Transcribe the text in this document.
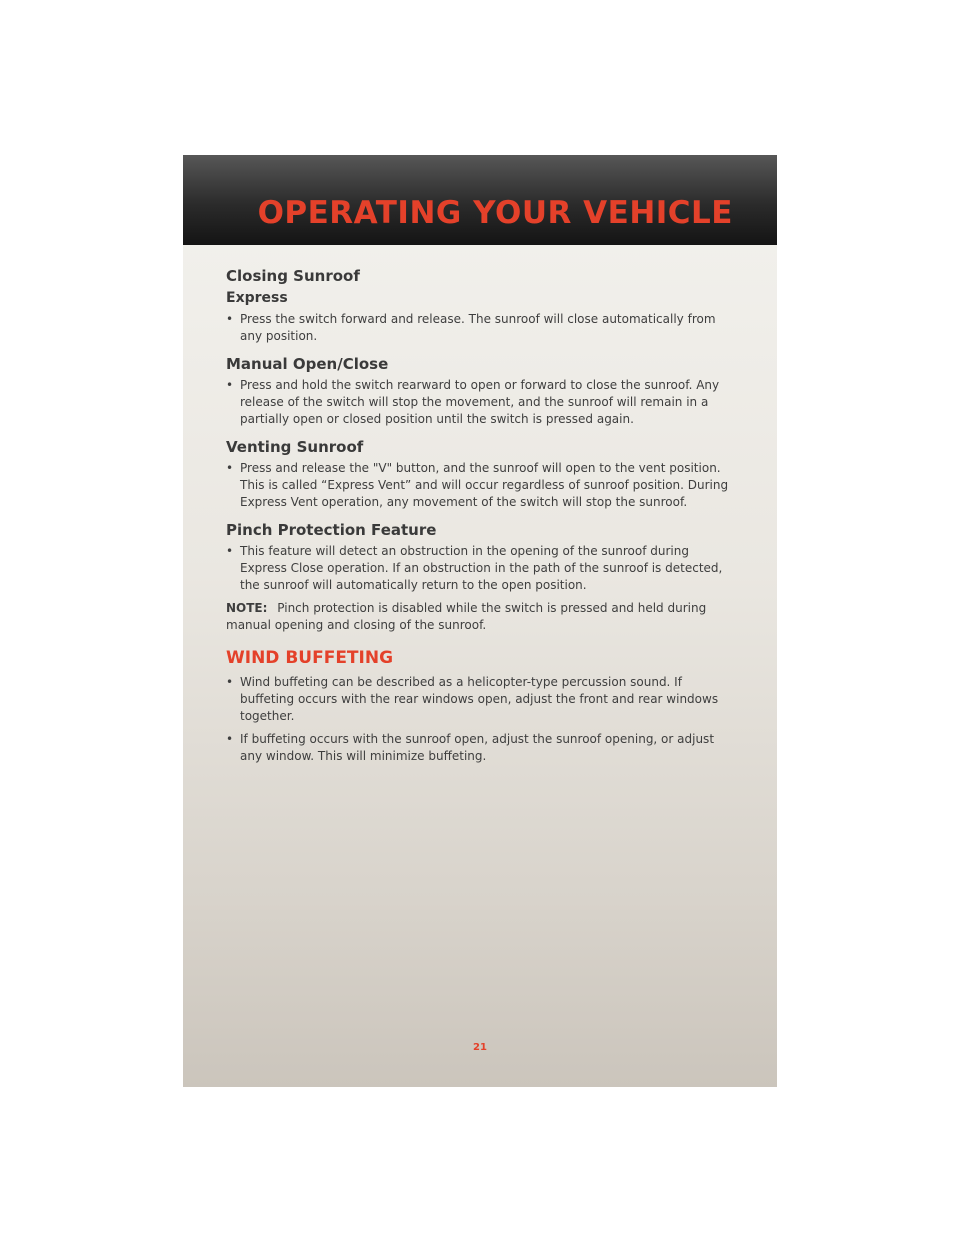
OPERATING YOUR VEHICLE
Closing Sunroof
Express
• Press the switch forward and release. The sunroof will close automatically from any position.
Manual Open/Close
• Press and hold the switch rearward to open or forward to close the sunroof. Any release of the switch will stop the movement, and the sunroof will remain in a partially open or closed position until the switch is pressed again.
Venting Sunroof
• Press and release the "V" button, and the sunroof will open to the vent position. This is called “Express Vent” and will occur regardless of sunroof position. During Express Vent operation, any movement of the switch will stop the sunroof.
Pinch Protection Feature
• This feature will detect an obstruction in the opening of the sunroof during Express Close operation. If an obstruction in the path of the sunroof is detected, the sunroof will automatically return to the open position.
NOTE: Pinch protection is disabled while the switch is pressed and held during manual opening and closing of the sunroof.
WIND BUFFETING
• Wind buffeting can be described as a helicopter-type percussion sound. If buffeting occurs with the rear windows open, adjust the front and rear windows together.
• If buffeting occurs with the sunroof open, adjust the sunroof opening, or adjust any window. This will minimize buffeting.
21
